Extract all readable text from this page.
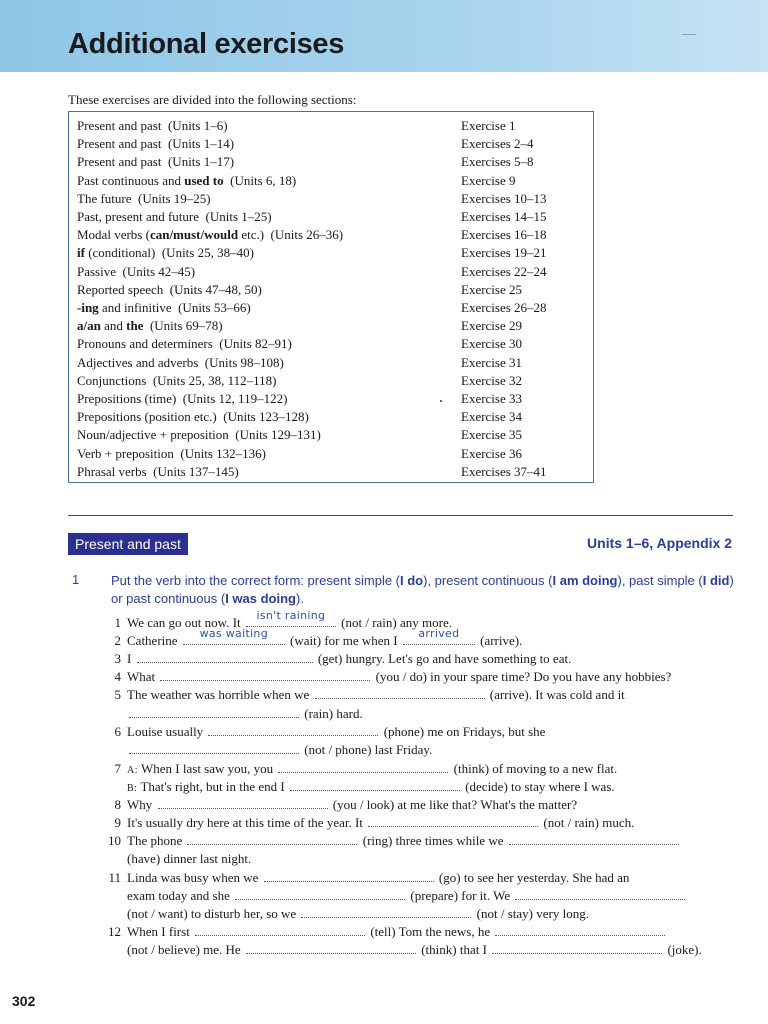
Additional exercises
These exercises are divided into the following sections:
Present and past  (Units 1–6)	Exercise 1
Present and past  (Units 1–14)	Exercises 2–4
Present and past  (Units 1–17)	Exercises 5–8
Past continuous and used to  (Units 6, 18)	Exercise 9
The future  (Units 19–25)	Exercises 10–13
Past, present and future  (Units 1–25)	Exercises 14–15
Modal verbs (can/must/would etc.)  (Units 26–36)	Exercises 16–18
if (conditional)  (Units 25, 38–40)	Exercises 19–21
Passive  (Units 42–45)	Exercises 22–24
Reported speech  (Units 47–48, 50)	Exercise 25
-ing and infinitive  (Units 53–66)	Exercises 26–28
a/an and the  (Units 69–78)	Exercise 29
Pronouns and determiners  (Units 82–91)	Exercise 30
Adjectives and adverbs  (Units 98–108)	Exercise 31
Conjunctions  (Units 25, 38, 112–118)	Exercise 32
Prepositions (time)  (Units 12, 119–122)	Exercise 33
Prepositions (position etc.)  (Units 123–128)	Exercise 34
Noun/adjective + preposition  (Units 129–131)	Exercise 35
Verb + preposition  (Units 132–136)	Exercise 36
Phrasal verbs  (Units 137–145)	Exercises 37–41
Present and past	Units 1–6, Appendix 2
1 Put the verb into the correct form: present simple (I do), present continuous (I am doing), past simple (I did) or past continuous (I was doing).
1 We can go out now. It	isn't raining (not / rain) any more.
2 Catherine	was waiting	(wait) for me when I	arrived	(arrive).
3 I	(get) hungry. Let's go and have something to eat.
4 What	(you / do) in your spare time? Do you have any hobbies?
5 The weather was horrible when we	(arrive). It was cold and it
(rain) hard.
6 Louise usually	(phone) me on Fridays, but she
(not / phone) last Friday.
7 A: When I last saw you, you	(think) of moving to a new flat.
B: That's right, but in the end I	(decide) to stay where I was.
8 Why	(you / look) at me like that? What's the matter?
9 It's usually dry here at this time of the year. It	(not / rain) much.
10 The phone	(ring) three times while we
(have) dinner last night.
11 Linda was busy when we	(go) to see her yesterday. She had an
exam today and she	(prepare) for it. We
(not / want) to disturb her, so we	(not / stay) very long.
12 When I first	(tell) Tom the news, he
(not / believe) me. He	(think) that I	(joke).
302
